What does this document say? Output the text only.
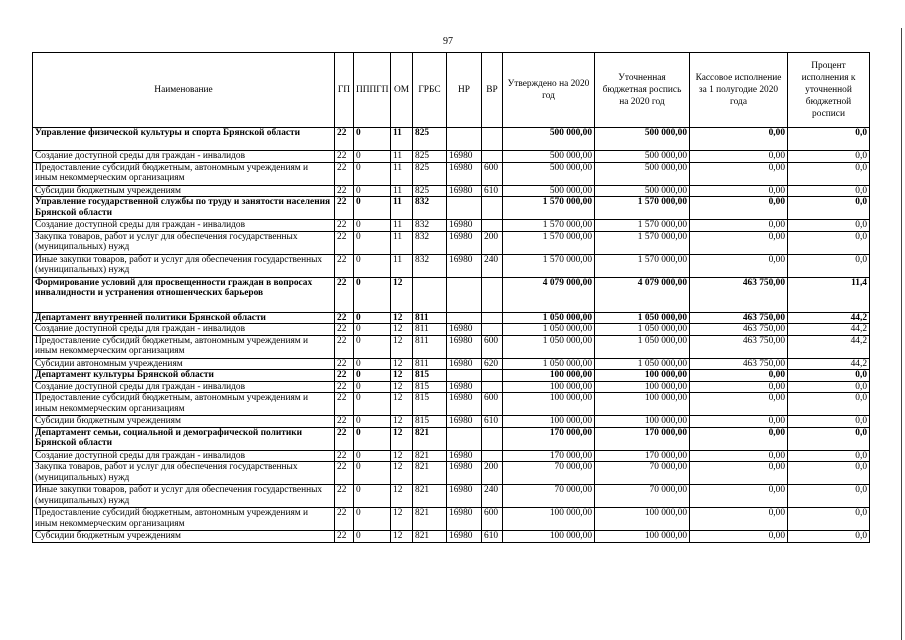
97
Наименование	ГП	ПППГП	ОМ	ГРБС	НР	ВР	Утверждено на 2020 год	Уточненная бюджетная роспись на 2020 год	Кассовое исполнение за 1 полугодие 2020 года	Процент исполнения к уточненной бюджетной росписи
Управление физической культуры и спорта Брянской области	22	0	11	825			500 000,00	500 000,00	0,00	0,0
Создание доступной среды для граждан - инвалидов	22	0	11	825	16980		500 000,00	500 000,00	0,00	0,0
Предоставление субсидий бюджетным, автономным учреждениям и иным некоммерческим организациям	22	0	11	825	16980	600	500 000,00	500 000,00	0,00	0,0
Субсидии бюджетным учреждениям	22	0	11	825	16980	610	500 000,00	500 000,00	0,00	0,0
Управление государственной службы по труду и занятости населения Брянской области	22	0	11	832			1 570 000,00	1 570 000,00	0,00	0,0
Создание доступной среды для граждан - инвалидов	22	0	11	832	16980		1 570 000,00	1 570 000,00	0,00	0,0
Закупка товаров, работ и услуг для обеспечения государственных (муниципальных) нужд	22	0	11	832	16980	200	1 570 000,00	1 570 000,00	0,00	0,0
Иные закупки товаров, работ и услуг для обеспечения государственных (муниципальных) нужд	22	0	11	832	16980	240	1 570 000,00	1 570 000,00	0,00	0,0
Формирование условий для просвещенности граждан в вопросах инвалидности и устранения отношенческих барьеров	22	0	12				4 079 000,00	4 079 000,00	463 750,00	11,4
Департамент внутренней политики Брянской области	22	0	12	811			1 050 000,00	1 050 000,00	463 750,00	44,2
Создание доступной среды для граждан - инвалидов	22	0	12	811	16980		1 050 000,00	1 050 000,00	463 750,00	44,2
Предоставление субсидий бюджетным, автономным учреждениям и иным некоммерческим организациям	22	0	12	811	16980	600	1 050 000,00	1 050 000,00	463 750,00	44,2
Субсидии автономным учреждениям	22	0	12	811	16980	620	1 050 000,00	1 050 000,00	463 750,00	44,2
Департамент культуры Брянской области	22	0	12	815			100 000,00	100 000,00	0,00	0,0
Создание доступной среды для граждан - инвалидов	22	0	12	815	16980		100 000,00	100 000,00	0,00	0,0
Предоставление субсидий бюджетным, автономным учреждениям и иным некоммерческим организациям	22	0	12	815	16980	600	100 000,00	100 000,00	0,00	0,0
Субсидии бюджетным учреждениям	22	0	12	815	16980	610	100 000,00	100 000,00	0,00	0,0
Департамент семьи, социальной и демографической политики Брянской области	22	0	12	821			170 000,00	170 000,00	0,00	0,0
Создание доступной среды для граждан - инвалидов	22	0	12	821	16980		170 000,00	170 000,00	0,00	0,0
Закупка товаров, работ и услуг для обеспечения государственных (муниципальных) нужд	22	0	12	821	16980	200	70 000,00	70 000,00	0,00	0,0
Иные закупки товаров, работ и услуг для обеспечения государственных (муниципальных) нужд	22	0	12	821	16980	240	70 000,00	70 000,00	0,00	0,0
Предоставление субсидий бюджетным, автономным учреждениям и иным некоммерческим организациям	22	0	12	821	16980	600	100 000,00	100 000,00	0,00	0,0
Субсидии бюджетным учреждениям	22	0	12	821	16980	610	100 000,00	100 000,00	0,00	0,0
